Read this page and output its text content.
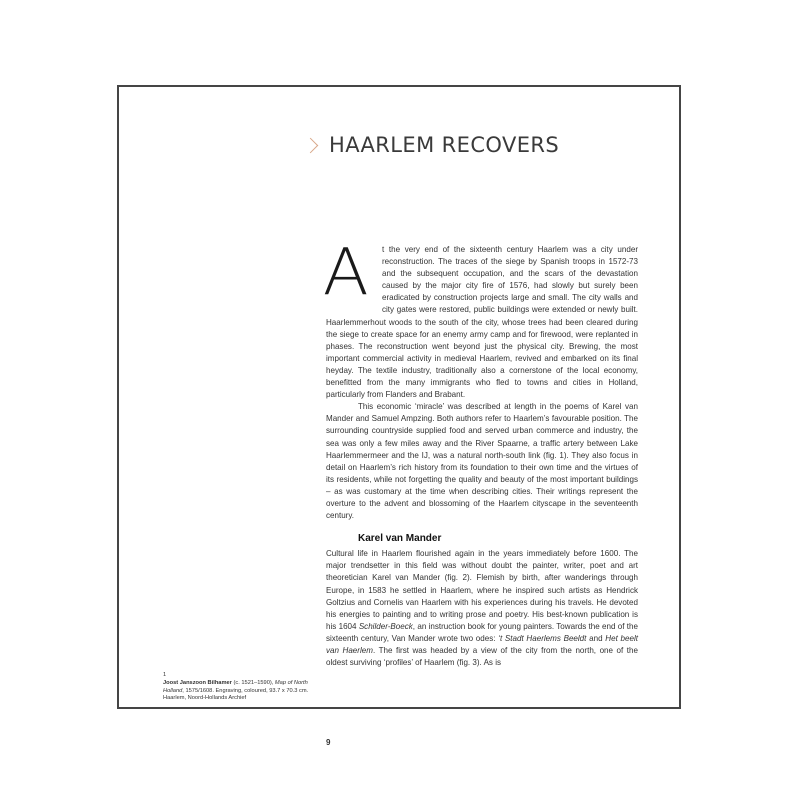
HAARLEM RECOVERS

A	t the very end of the sixteenth century Haarlem was a city under reconstruction. The traces of the siege by Spanish troops in 1572-73 and the subsequent occupation, and the scars of the devastation caused by the major city fire of 1576, had slowly but surely been eradicated by construction projects large and small. The city walls and city gates were restored, public buildings were extended or newly built. Haarlemmerhout woods to the south of the city, whose trees had been cleared during the siege to create space for an enemy army camp and for firewood, were replanted in phases. The reconstruction went beyond just the physical city. Brewing, the most important commercial activity in medieval Haarlem, revived and embarked on its final heyday. The textile industry, traditionally also a cornerstone of the local economy, benefitted from the many immigrants who fled to towns and cities in Holland, particularly from Flanders and Brabant.

This economic ‘miracle’ was described at length in the poems of Karel van Mander and Samuel Ampzing. Both authors refer to Haarlem’s favourable position. The surrounding countryside supplied food and served urban commerce and industry, the sea was only a few miles away and the River Spaarne, a traffic artery between Lake Haarlemmermeer and the IJ, was a natural north-south link (fig. 1). They also focus in detail on Haarlem’s rich history from its foundation to their own time and the virtues of its residents, while not forgetting the quality and beauty of the most important buildings – as was customary at the time when describing cities. Their writings represent the overture to the advent and blossoming of the Haarlem cityscape in the seventeenth century.

Karel van Mander

Cultural life in Haarlem flourished again in the years immediately before 1600. The major trendsetter in this field was without doubt the painter, writer, poet and art theoretician Karel van Mander (fig. 2). Flemish by birth, after wanderings through Europe, in 1583 he settled in Haarlem, where he inspired such artists as Hendrick Goltzius and Cornelis van Haarlem with his experiences during his travels. He devoted his energies to painting and to writing prose and poetry. His best-known publication is his 1604 Schilder-Boeck, an instruction book for young painters. Towards the end of the sixteenth century, Van Mander wrote two odes: ‘t Stadt Haerlems Beeldt and Het beelt van Haerlem. The first was headed by a view of the city from the north, one of the oldest surviving ‘profiles’ of Haarlem (fig. 3). As is

1
Joost Janszoon Bilhamer (c. 1521–1590), Map of North Holland, 1575/1608. Engraving, coloured, 93.7 x 70.3 cm. Haarlem, Noord-Hollands Archief
9
